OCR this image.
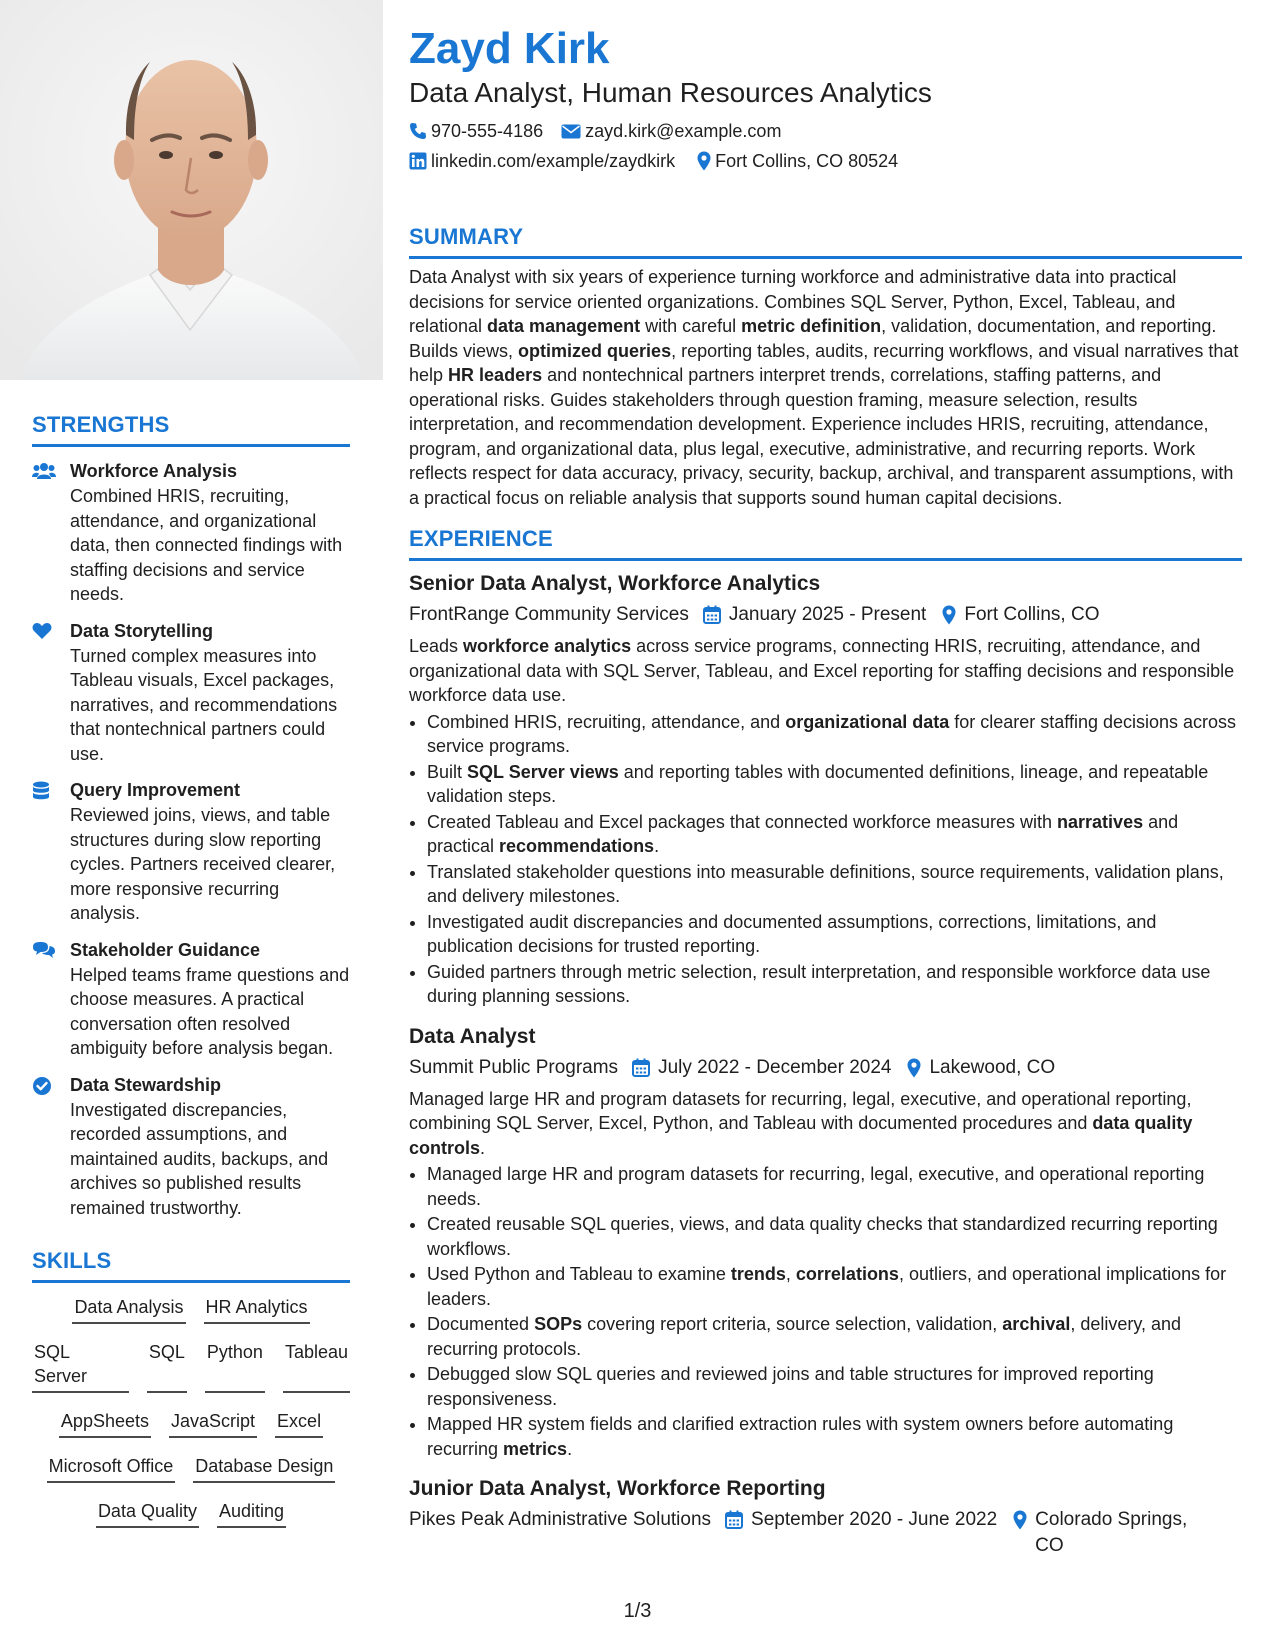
STRENGTHS
Workforce Analysis
Combined HRIS, recruiting, attendance, and organizational data, then connected findings with staffing decisions and service needs.
Data Storytelling
Turned complex measures into Tableau visuals, Excel packages, narratives, and recommendations that nontechnical partners could use.
Query Improvement
Reviewed joins, views, and table structures during slow reporting cycles. Partners received clearer, more responsive recurring analysis.
Stakeholder Guidance
Helped teams frame questions and choose measures. A practical conversation often resolved ambiguity before analysis began.
Data Stewardship
Investigated discrepancies, recorded assumptions, and maintained audits, backups, and archives so published results remained trustworthy.
SKILLS
Data Analysis HR Analytics
SQL Server
SQL Python Tableau
AppSheets JavaScript Excel
Microsoft Office Database Design
Data Quality Auditing
Zayd Kirk
Data Analyst, Human Resources Analytics
970-555-4186 zayd.kirk@example.com
linkedin.com/example/zaydkirk Fort Collins, CO 80524
SUMMARY
Data Analyst with six years of experience turning workforce and administrative data into practical decisions for service oriented organizations. Combines SQL Server, Python, Excel, Tableau, and relational data management with careful metric definition, validation, documentation, and reporting. Builds views, optimized queries, reporting tables, audits, recurring workflows, and visual narratives that help HR leaders and nontechnical partners interpret trends, correlations, staffing patterns, and operational risks. Guides stakeholders through question framing, measure selection, results interpretation, and recommendation development. Experience includes HRIS, recruiting, attendance, program, and organizational data, plus legal, executive, administrative, and recurring reports. Work reflects respect for data accuracy, privacy, security, backup, archival, and transparent assumptions, with a practical focus on reliable analysis that supports sound human capital decisions.
EXPERIENCE
Senior Data Analyst, Workforce Analytics
FrontRange Community Services January 2025 - Present Fort Collins, CO
Leads workforce analytics across service programs, connecting HRIS, recruiting, attendance, and organizational data with SQL Server, Tableau, and Excel reporting for staffing decisions and responsible workforce data use.
• Combined HRIS, recruiting, attendance, and organizational data for clearer staffing decisions across service programs.
• Built SQL Server views and reporting tables with documented definitions, lineage, and repeatable validation steps.
• Created Tableau and Excel packages that connected workforce measures with narratives and practical recommendations.
• Translated stakeholder questions into measurable definitions, source requirements, validation plans, and delivery milestones.
• Investigated audit discrepancies and documented assumptions, corrections, limitations, and publication decisions for trusted reporting.
• Guided partners through metric selection, result interpretation, and responsible workforce data use during planning sessions.
Data Analyst
Summit Public Programs July 2022 - December 2024 Lakewood, CO
Managed large HR and program datasets for recurring, legal, executive, and operational reporting, combining SQL Server, Excel, Python, and Tableau with documented procedures and data quality controls.
• Managed large HR and program datasets for recurring, legal, executive, and operational reporting needs.
• Created reusable SQL queries, views, and data quality checks that standardized recurring reporting workflows.
• Used Python and Tableau to examine trends, correlations, outliers, and operational implications for leaders.
• Documented SOPs covering report criteria, source selection, validation, archival, delivery, and recurring protocols.
• Debugged slow SQL queries and reviewed joins and table structures for improved reporting responsiveness.
• Mapped HR system fields and clarified extraction rules with system owners before automating recurring metrics.
Junior Data Analyst, Workforce Reporting
Pikes Peak Administrative Solutions September 2020 - June 2022 Colorado Springs, CO
1/3
